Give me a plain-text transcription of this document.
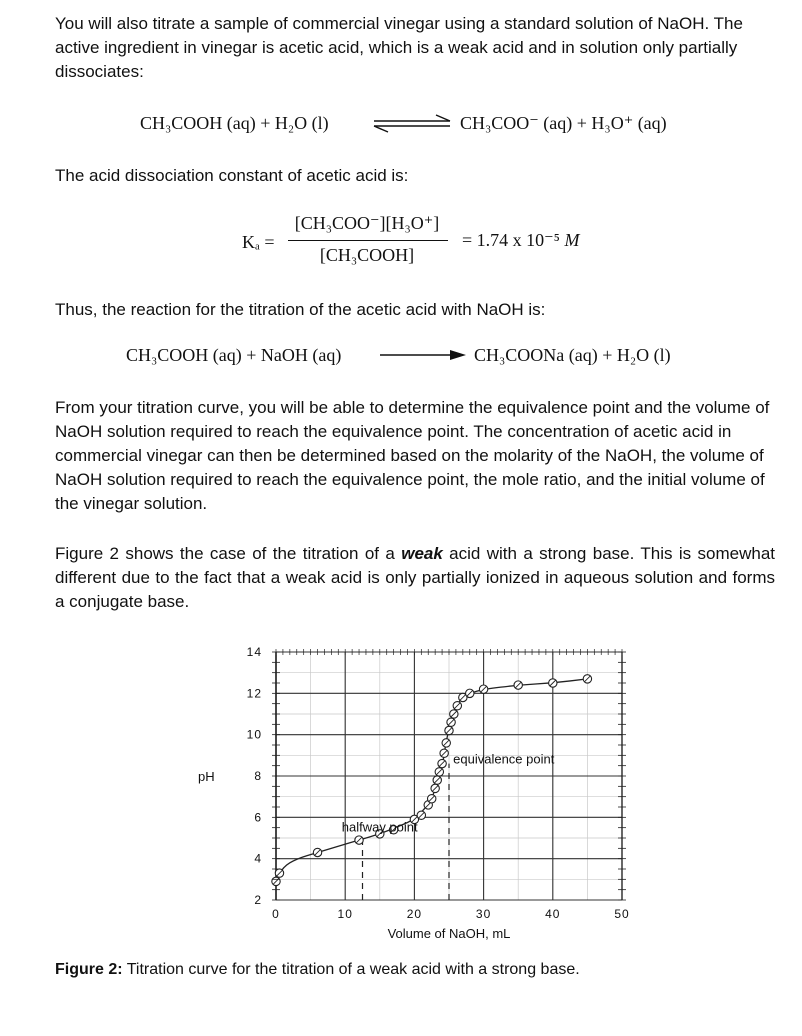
You will also titrate a sample of commercial vinegar using a standard solution of NaOH. The active ingredient in vinegar is acetic acid, which is a weak acid and in solution only partially dissociates:
CH₃COOH (aq) + H₂O (l)	CH₃COO⁻ (aq) + H₃O⁺ (aq)
The acid dissociation constant of acetic acid is:
Kₐ =
[CH₃COO⁻][H₃O⁺]
[CH₃COOH]
= 1.74 x 10⁻⁵ M
Thus, the reaction for the titration of the acetic acid with NaOH is:
CH₃COOH (aq) + NaOH (aq)	CH₃COONa (aq) + H₂O (l)
From your titration curve, you will be able to determine the equivalence point and the volume of NaOH solution required to reach the equivalence point. The concentration of acetic acid in commercial vinegar can then be determined based on the molarity of the NaOH, the volume of NaOH solution required to reach the equivalence point, the mole ratio, and the initial volume of the vinegar solution.
Figure 2 shows the case of the titration of a weak acid with a strong base. This is somewhat different due to the fact that a weak acid is only partially ionized in aqueous solution and forms a conjugate base.
2
4
6
8
10
12
14
0	10	20	30	40	50
halfway point
equivalence point
pH
Volume of NaOH, mL
Figure 2: Titration curve for the titration of a weak acid with a strong base.
